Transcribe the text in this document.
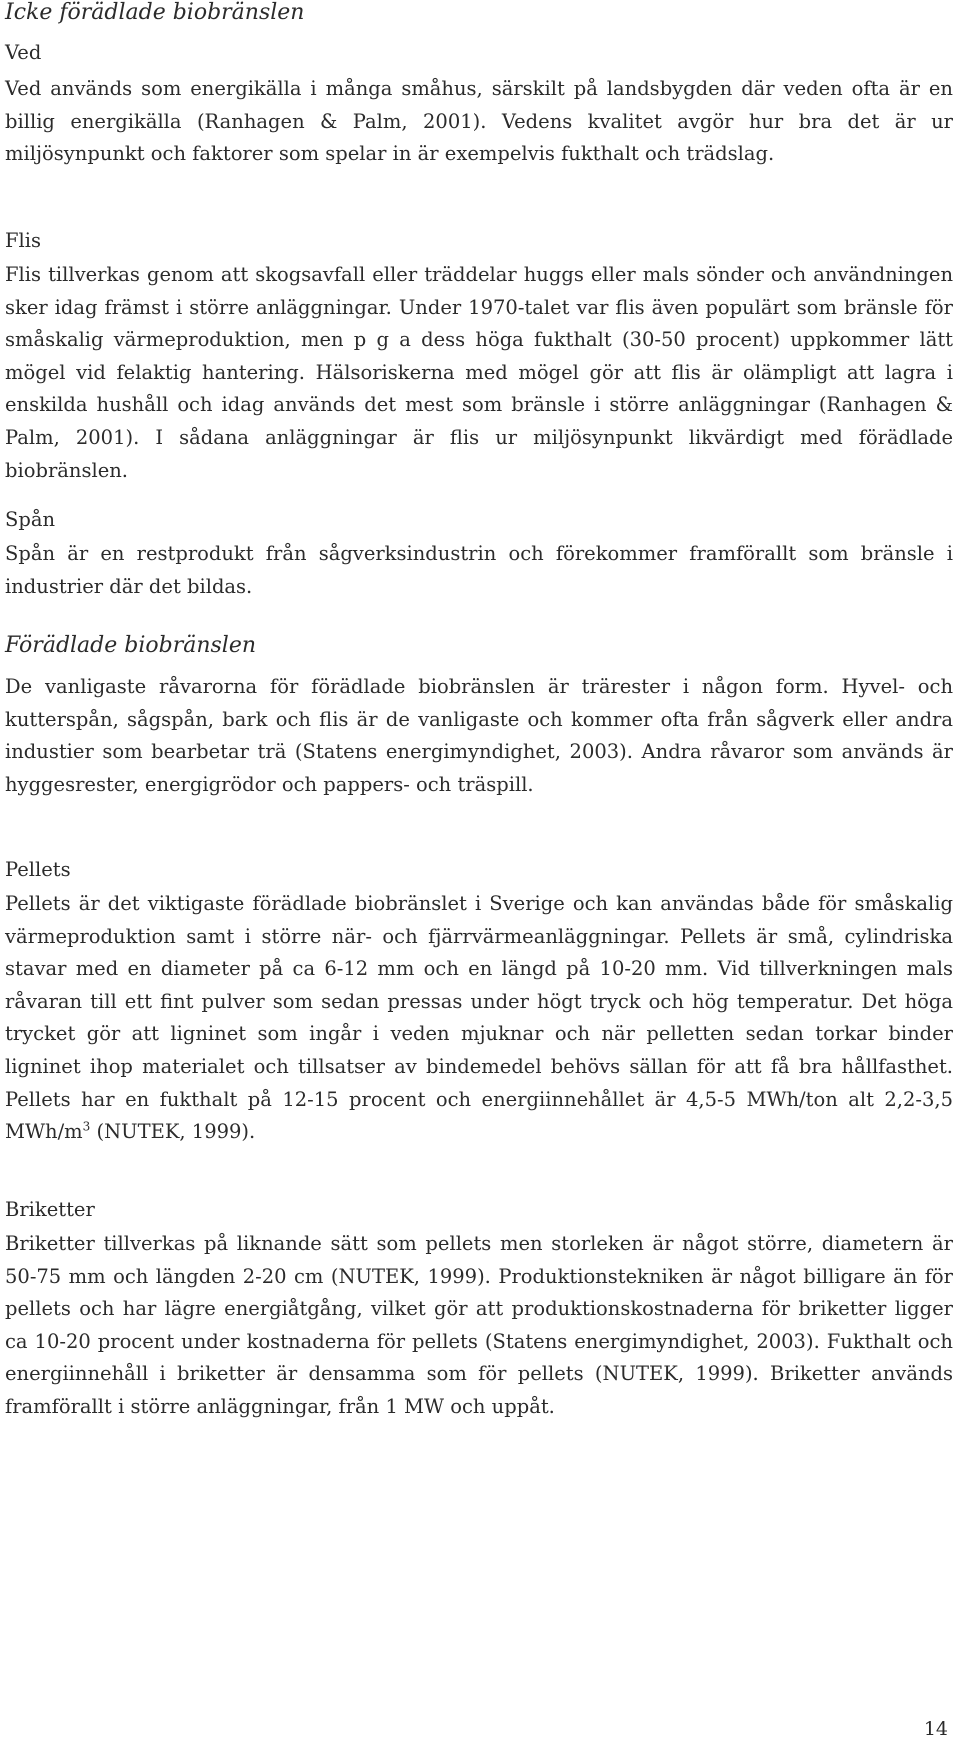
Icke förädlade biobränslen
Ved

Ved används som energikälla i många småhus, särskilt på landsbygden där veden ofta är en billig energikälla (Ranhagen & Palm, 2001). Vedens kvalitet avgör hur bra det är ur miljösynpunkt och faktorer som spelar in är exempelvis fukthalt och trädslag.

Flis

Flis tillverkas genom att skogsavfall eller träddelar huggs eller mals sönder och användningen sker idag främst i större anläggningar. Under 1970-talet var flis även populärt som bränsle för småskalig värmeproduktion, men p g a dess höga fukthalt (30-50 procent) uppkommer lätt mögel vid felaktig hantering. Hälsoriskerna med mögel gör att flis är olämpligt att lagra i enskilda hushåll och idag används det mest som bränsle i större anläggningar (Ranhagen & Palm, 2001). I sådana anläggningar är flis ur miljösynpunkt likvärdigt med förädlade biobränslen.

Spån

Spån är en restprodukt från sågverksindustrin och förekommer framförallt som bränsle i industrier där det bildas.

Förädlade biobränslen

De vanligaste råvarorna för förädlade biobränslen är trärester i någon form. Hyvel- och kutterspån, sågspån, bark och flis är de vanligaste och kommer ofta från sågverk eller andra industier som bearbetar trä (Statens energimyndighet, 2003). Andra råvaror som används är hyggesrester, energigrödor och pappers- och träspill.

Pellets

Pellets är det viktigaste förädlade biobränslet i Sverige och kan användas både för småskalig värmeproduktion samt i större när- och fjärrvärmeanläggningar. Pellets är små, cylindriska stavar med en diameter på ca 6-12 mm och en längd på 10-20 mm. Vid tillverkningen mals råvaran till ett fint pulver som sedan pressas under högt tryck och hög temperatur. Det höga trycket gör att ligninet som ingår i veden mjuknar och när pelletten sedan torkar binder ligninet ihop materialet och tillsatser av bindemedel behövs sällan för att få bra hållfasthet. Pellets har en fukthalt på 12-15 procent och energiinnehållet är 4,5-5 MWh/ton alt 2,2-3,5 MWh/$m^3$ (NUTEK, 1999).

Briketter

Briketter tillverkas på liknande sätt som pellets men storleken är något större, diametern är 50-75 mm och längden 2-20 cm (NUTEK, 1999). Produktionstekniken är något billigare än för pellets och har lägre energiåtgång, vilket gör att produktionskostnaderna för briketter ligger ca 10-20 procent under kostnaderna för pellets (Statens energimyndighet, 2003). Fukthalt och energiinnehåll i briketter är densamma som för pellets (NUTEK, 1999). Briketter används framförallt i större anläggningar, från 1 MW och uppåt.

14
